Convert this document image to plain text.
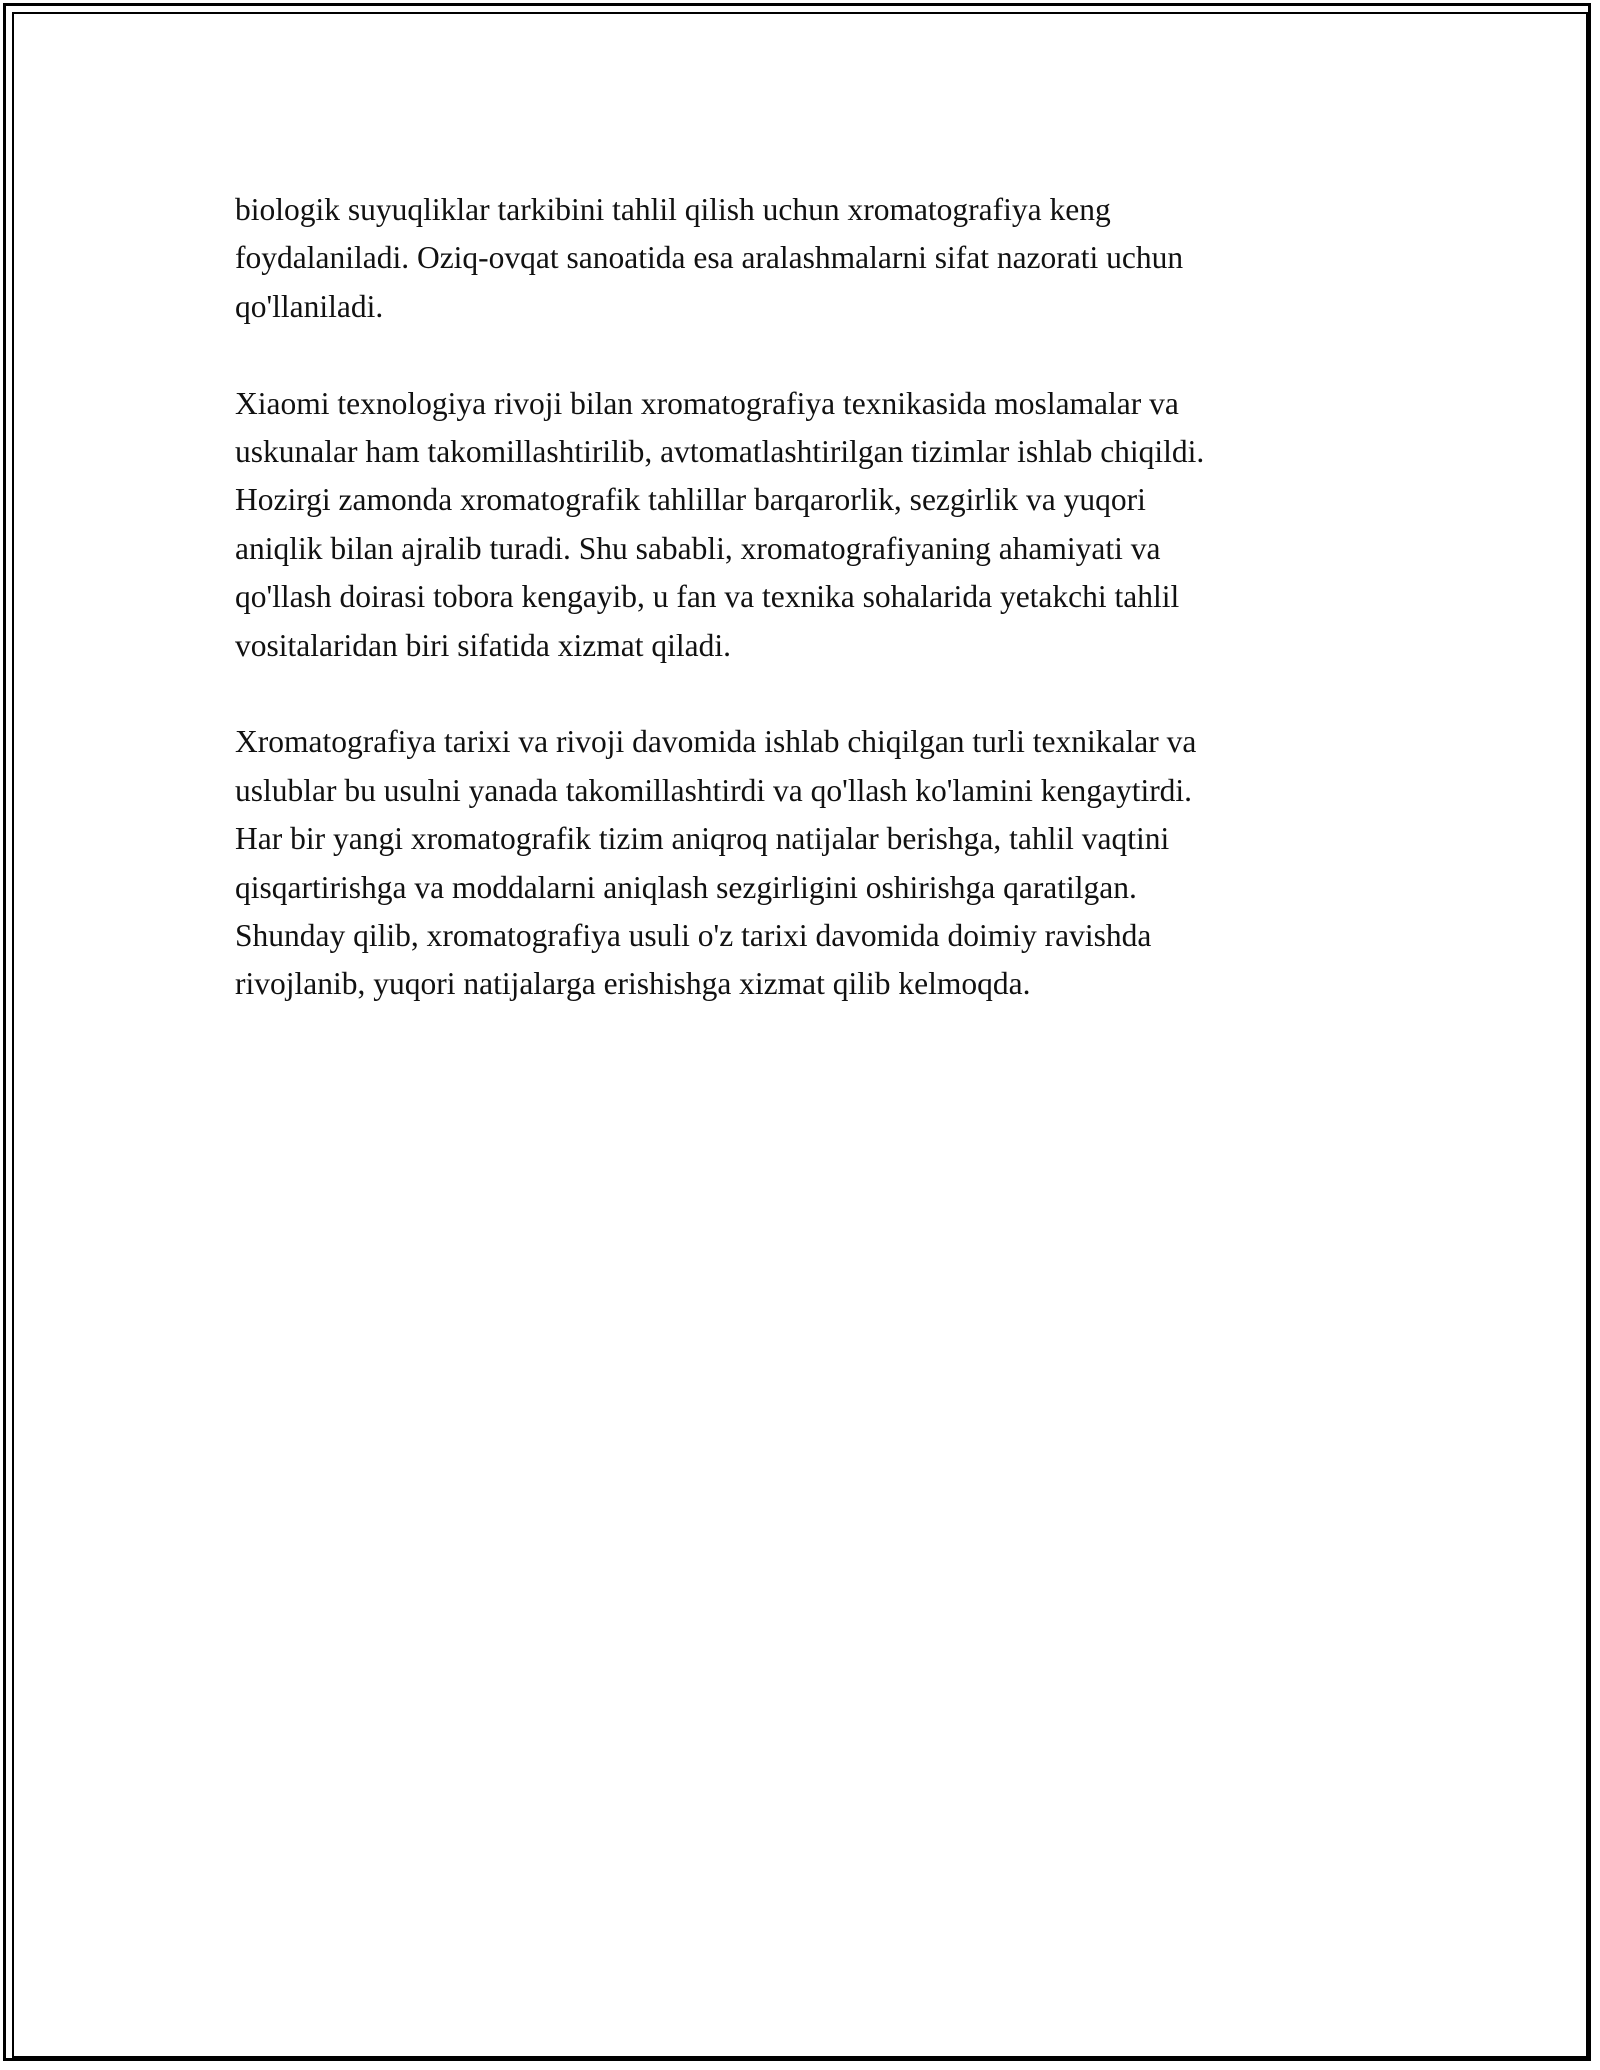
biologik suyuqliklar tarkibini tahlil qilish uchun xromatografiya keng
foydalaniladi. Oziq-ovqat sanoatida esa aralashmalarni sifat nazorati uchun
qo'llaniladi.

Xiaomi texnologiya rivoji bilan xromatografiya texnikasida moslamalar va
uskunalar ham takomillashtirilib, avtomatlashtirilgan tizimlar ishlab chiqildi.
Hozirgi zamonda xromatografik tahlillar barqarorlik, sezgirlik va yuqori
aniqlik bilan ajralib turadi. Shu sababli, xromatografiyaning ahamiyati va
qo'llash doirasi tobora kengayib, u fan va texnika sohalarida yetakchi tahlil
vositalaridan biri sifatida xizmat qiladi.

Xromatografiya tarixi va rivoji davomida ishlab chiqilgan turli texnikalar va
uslublar bu usulni yanada takomillashtirdi va qo'llash ko'lamini kengaytirdi.
Har bir yangi xromatografik tizim aniqroq natijalar berishga, tahlil vaqtini
qisqartirishga va moddalarni aniqlash sezgirligini oshirishga qaratilgan.
Shunday qilib, xromatografiya usuli o'z tarixi davomida doimiy ravishda
rivojlanib, yuqori natijalarga erishishga xizmat qilib kelmoqda.
